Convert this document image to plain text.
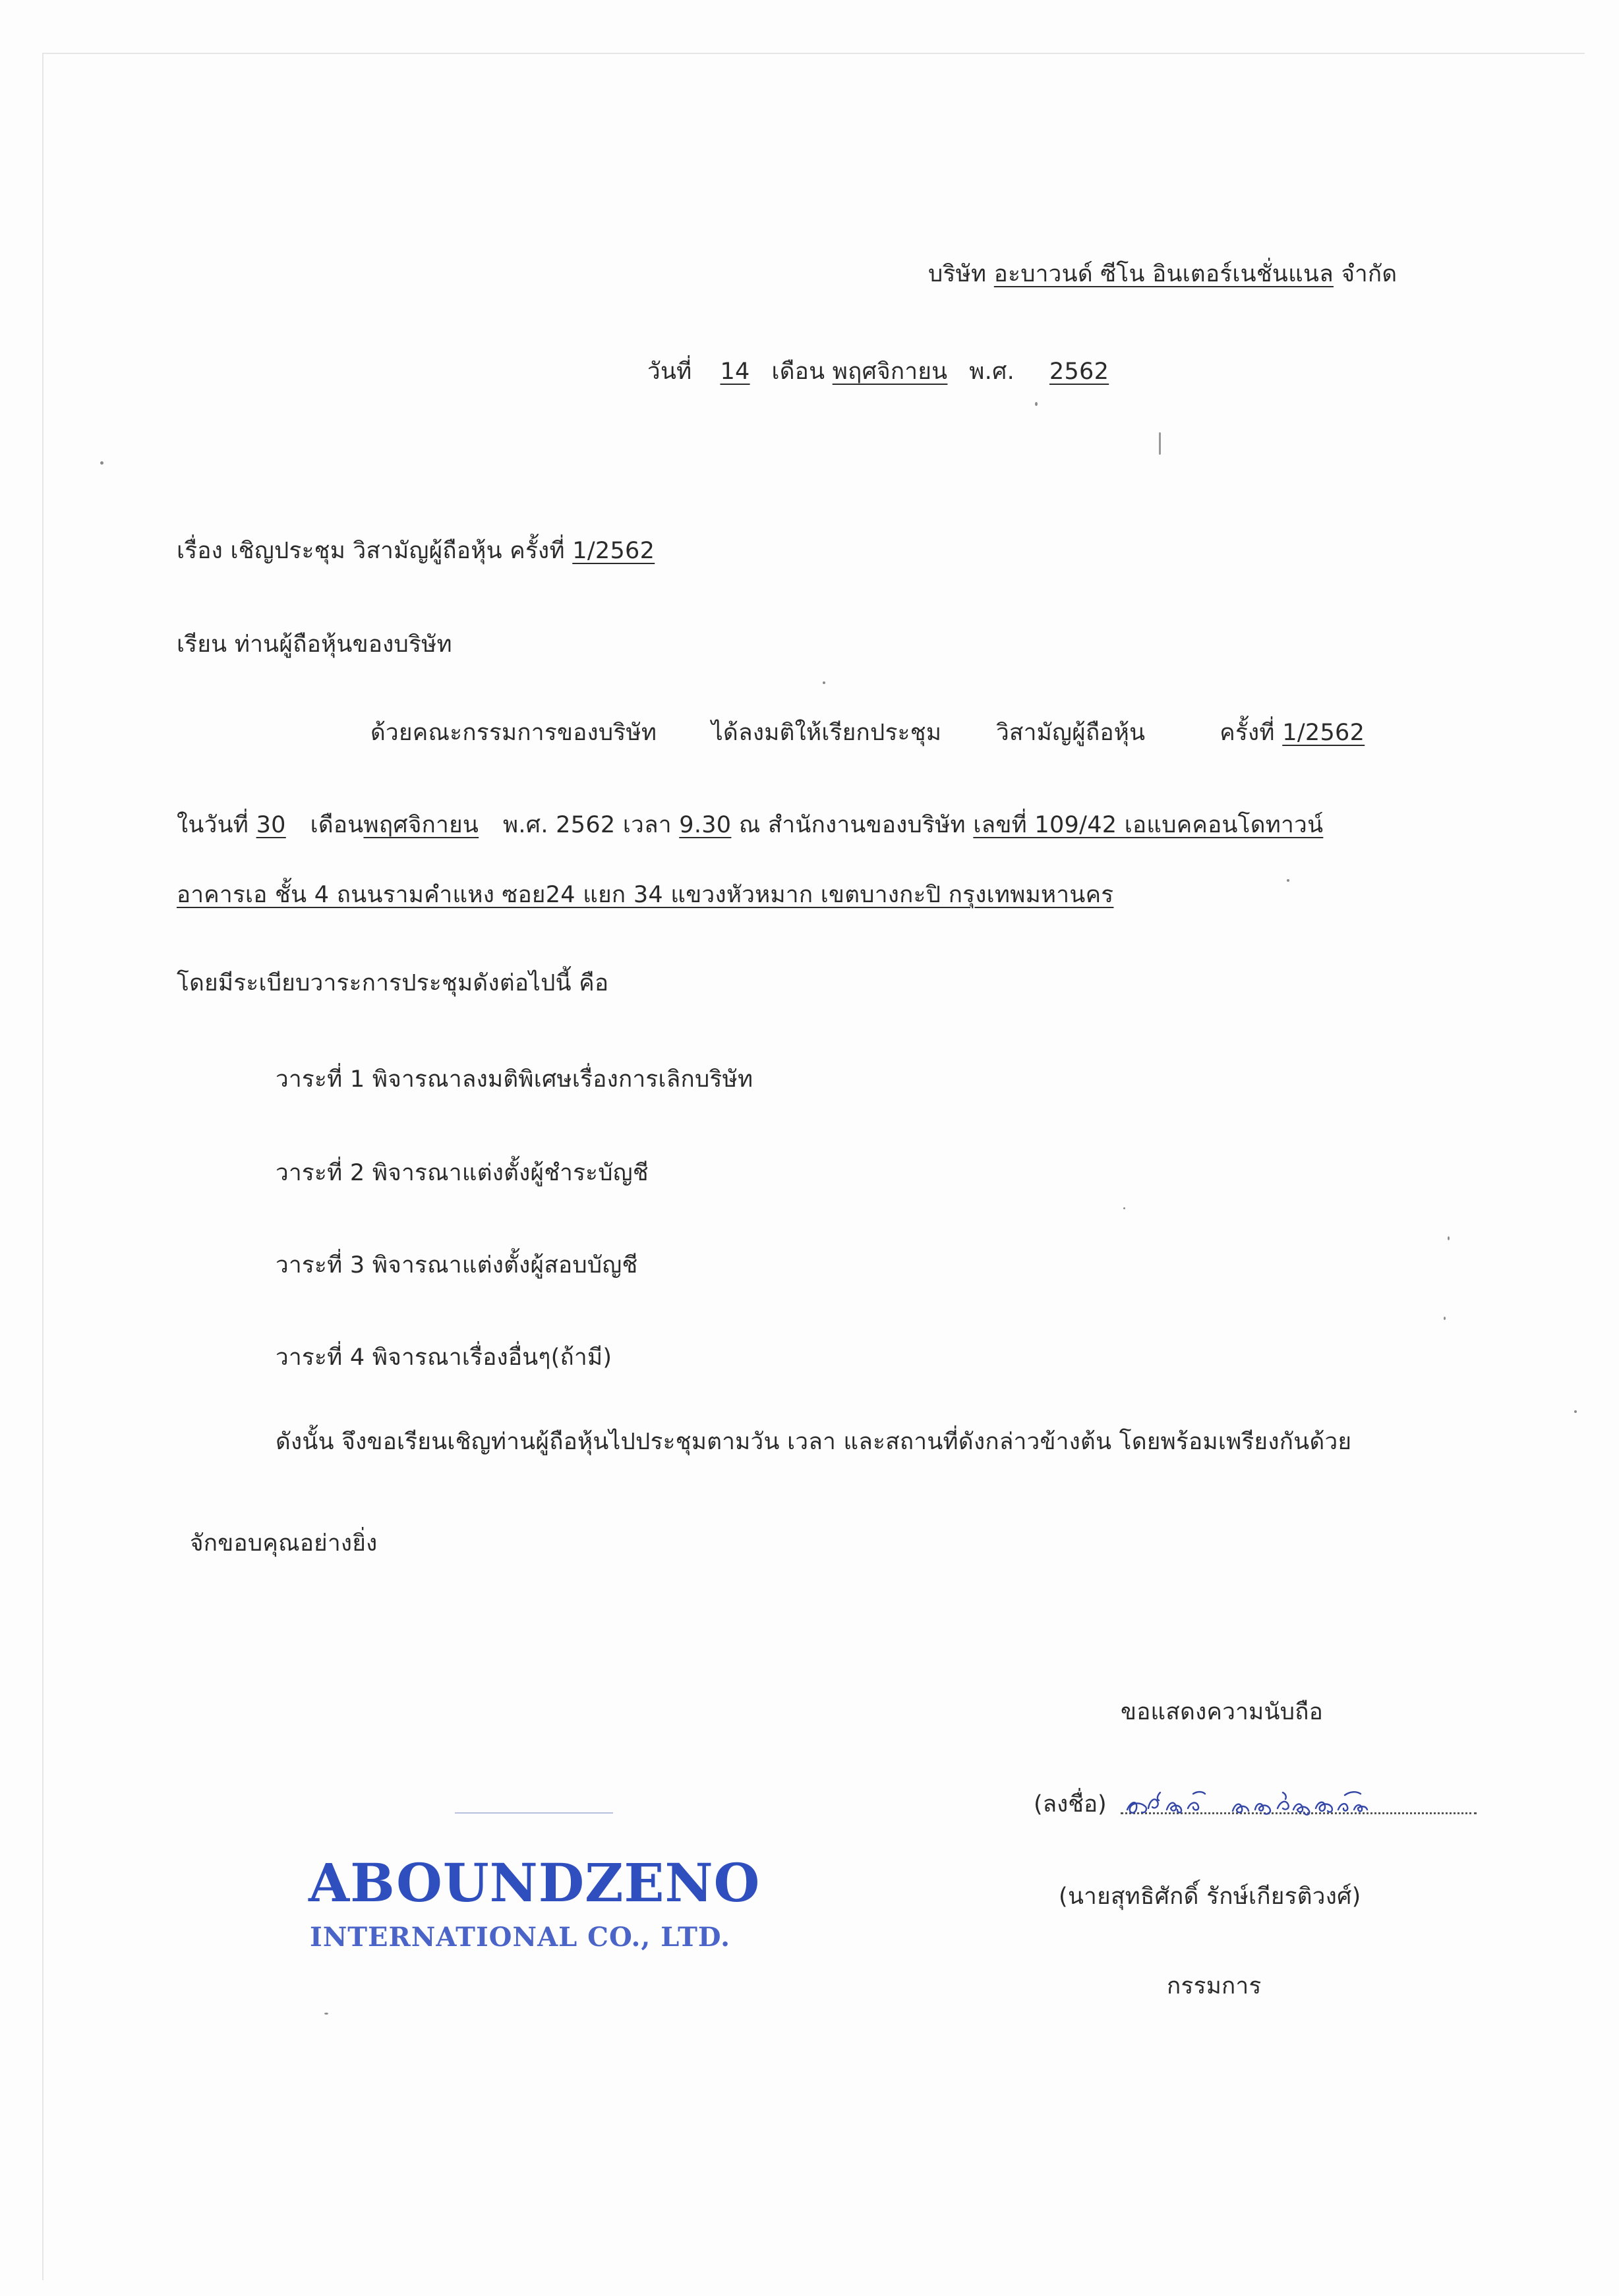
บริษัท อะบาวนด์ ซีโน อินเตอร์เนชั่นแนล จำกัด
วันที่ 14 เดือน พฤศจิกายน พ.ศ. 2562
เรื่อง เชิญประชุม วิสามัญผู้ถือหุ้น ครั้งที่ 1/2562
เรียน ท่านผู้ถือหุ้นของบริษัท
ด้วยคณะกรรมการของบริษัท ได้ลงมติให้เรียกประชุม วิสามัญผู้ถือหุ้น	ครั้งที่ 1/2562
ในวันที่ 30 เดือนพฤศจิกายน พ.ศ. 2562 เวลา 9.30 ณ สำนักงานของบริษัท เลขที่ 109/42 เอแบคคอนโดทาวน์
อาคารเอ ชั้น 4 ถนนรามคำแหง ซอย24 แยก 34 แขวงหัวหมาก เขตบางกะปิ กรุงเทพมหานคร
โดยมีระเบียบวาระการประชุมดังต่อไปนี้ คือ
วาระที่ 1 พิจารณาลงมติพิเศษเรื่องการเลิกบริษัท
วาระที่ 2 พิจารณาแต่งตั้งผู้ชำระบัญชี
วาระที่ 3 พิจารณาแต่งตั้งผู้สอบบัญชี
วาระที่ 4 พิจารณาเรื่องอื่นๆ(ถ้ามี)
ดังนั้น จึงขอเรียนเชิญท่านผู้ถือหุ้นไปประชุมตามวัน เวลา และสถานที่ดังกล่าวข้างต้น โดยพร้อมเพรียงกันด้วย
จักขอบคุณอย่างยิ่ง
ขอแสดงความนับถือ
(ลงชื่อ)
(นายสุทธิศักดิ์ รักษ์เกียรติวงศ์)
กรรมการ
ABOUNDZENO
INTERNATIONAL CO., LTD.
